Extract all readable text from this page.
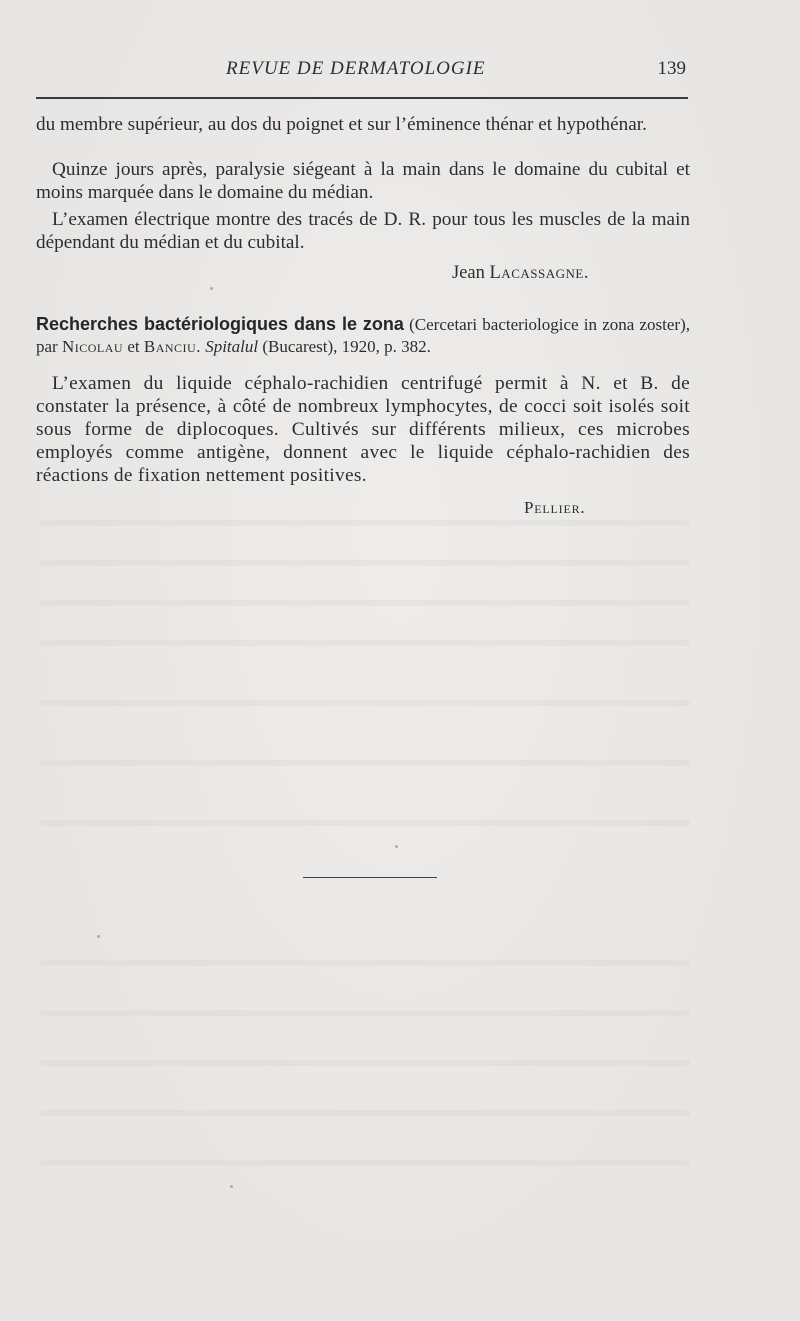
REVUE DE DERMATOLOGIE	139

du membre supérieur, au dos du poignet et sur l’éminence thénar et hypothénar.

Quinze jours après, paralysie siégeant à la main dans le domaine du cubital et moins marquée dans le domaine du médian.

L’examen électrique montre des tracés de D. R. pour tous les muscles de la main dépendant du médian et du cubital.

Jean Lacassagne.
Recherches bactériologiques dans le zona (Cercetari bacteriologice in zona zoster), par Nicolau et Banciu. Spitalul (Bucarest), 1920, p. 382.

L’examen du liquide céphalo-rachidien centrifugé permit à N. et B. de constater la présence, à côté de nombreux lymphocytes, de cocci soit isolés soit sous forme de diplocoques. Cultivés sur différents milieux, ces microbes employés comme antigène, donnent avec le liquide céphalo-rachidien des réactions de fixation nettement positives.

Pellier.
